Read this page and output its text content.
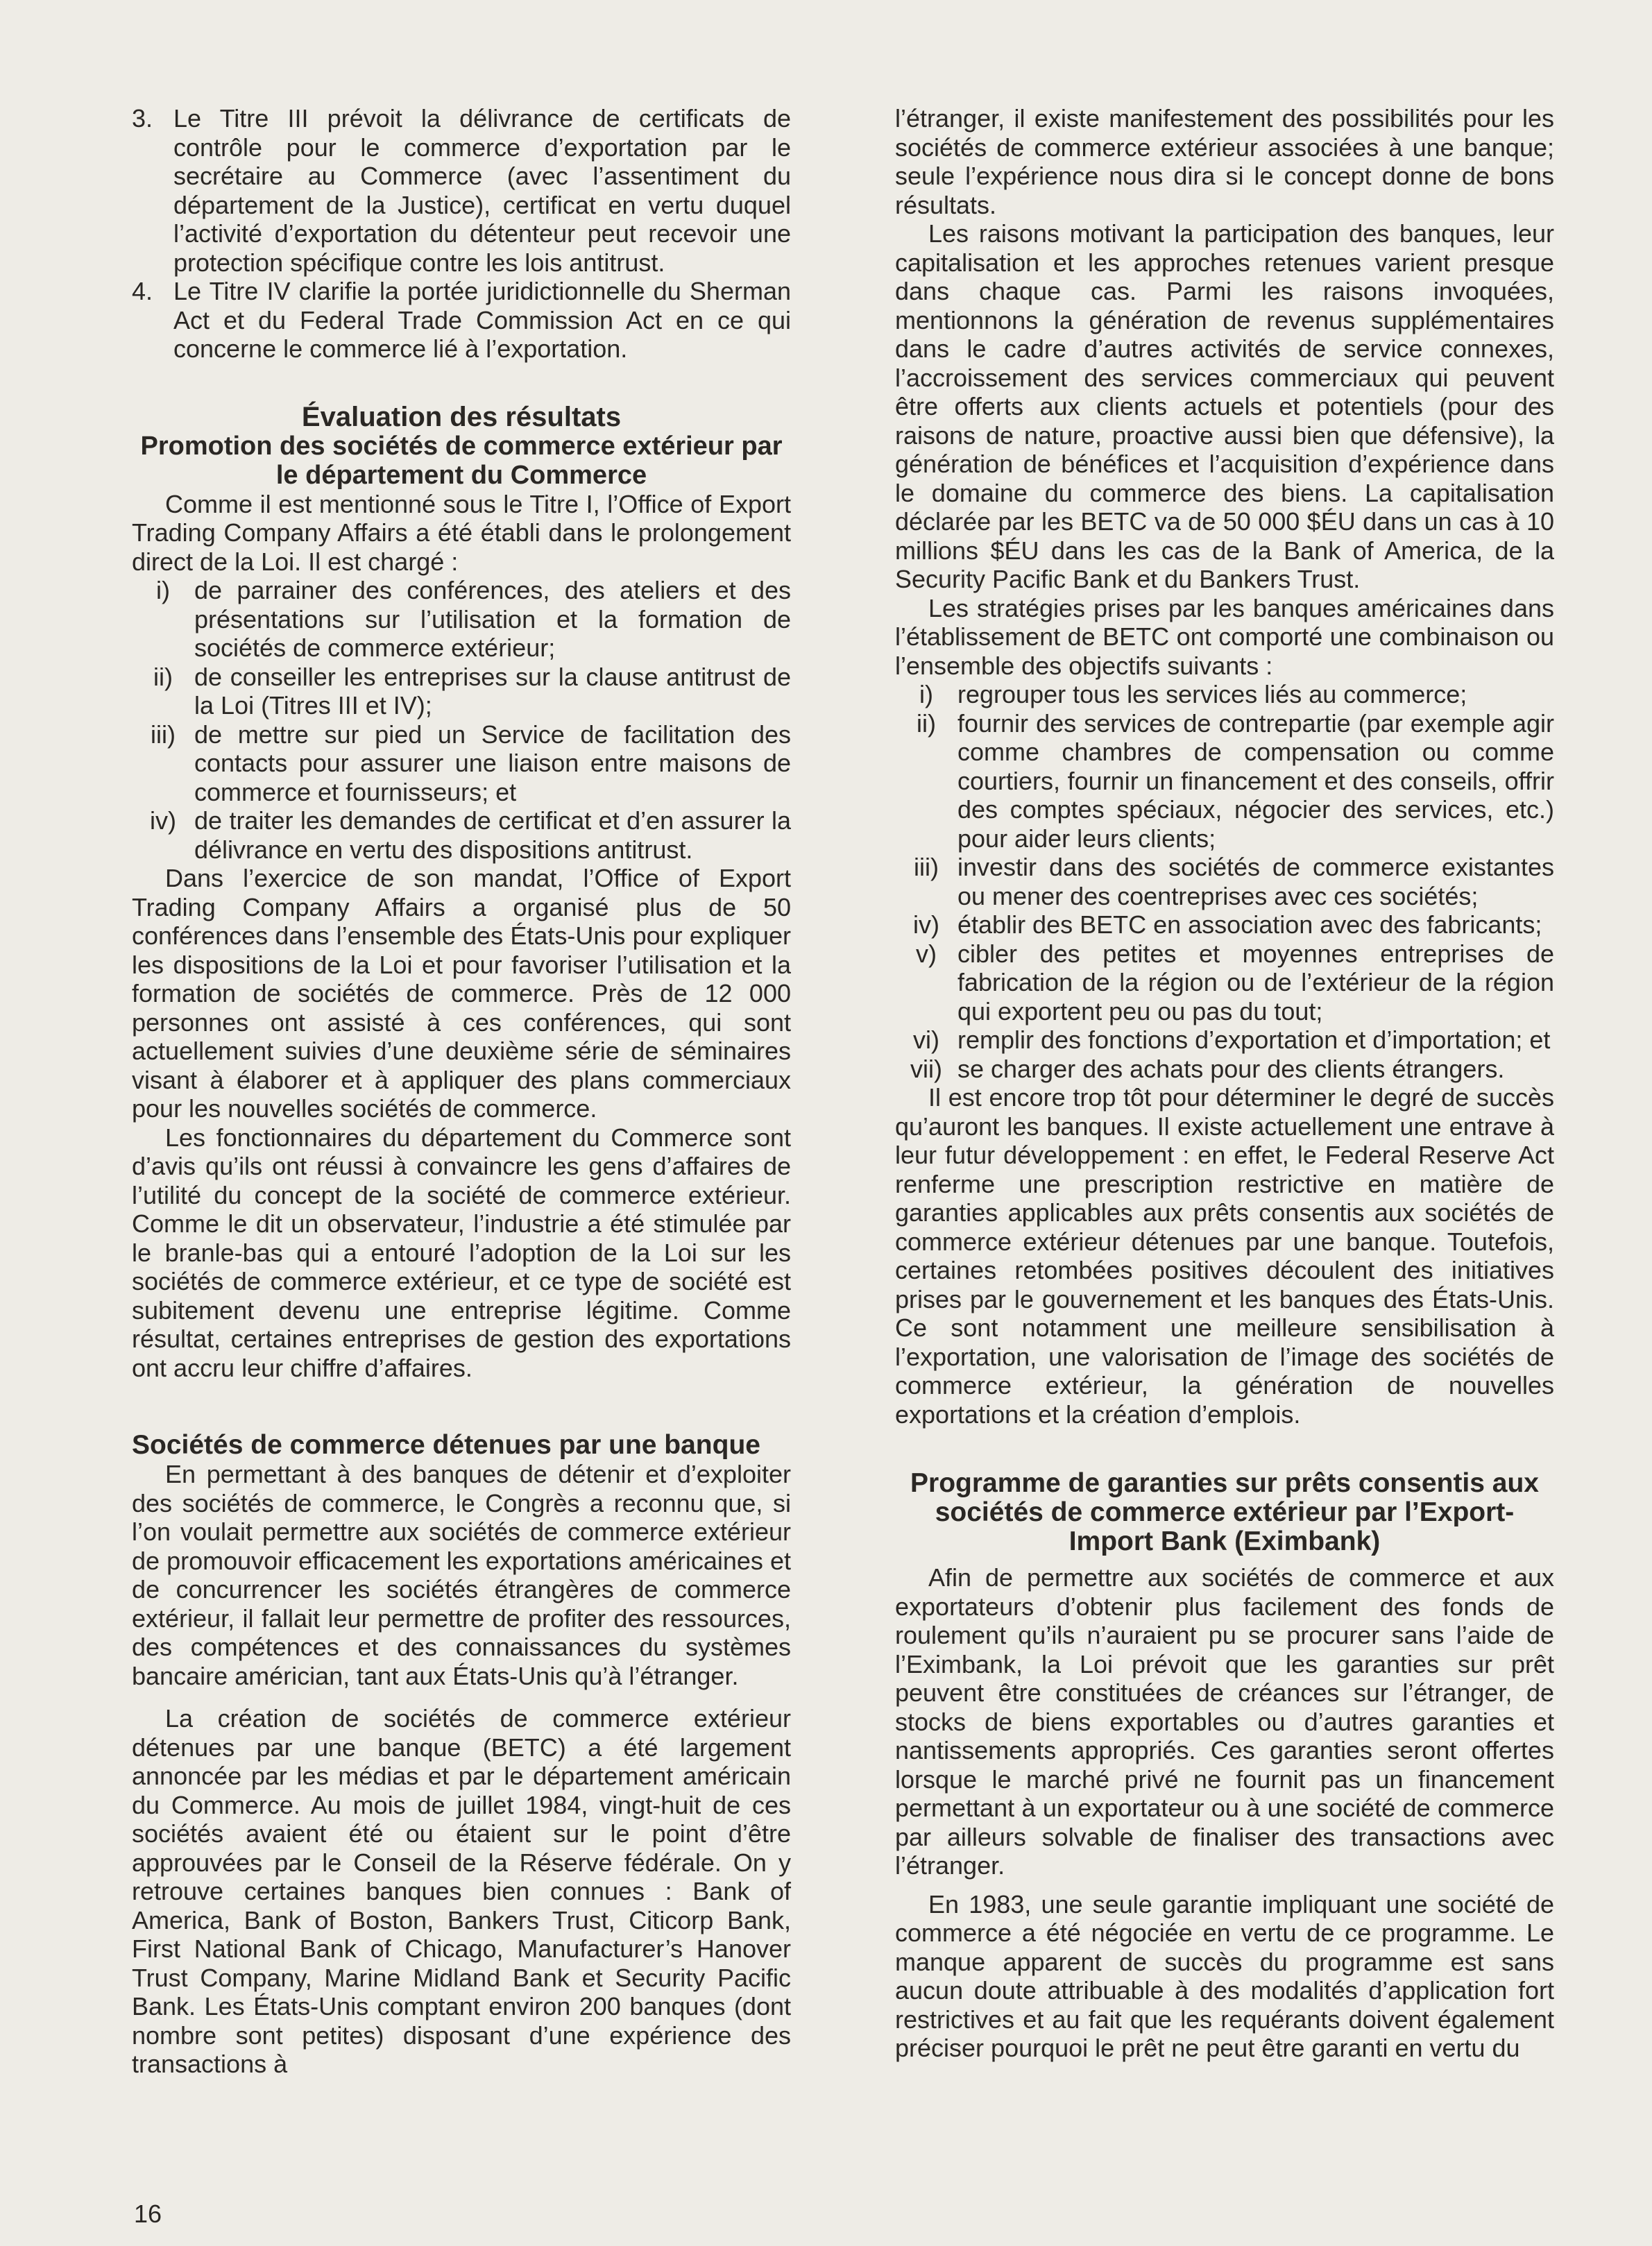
3. Le Titre III prévoit la délivrance de certificats de contrôle pour le commerce d’exportation par le secrétaire au Commerce (avec l’assentiment du département de la Justice), certificat en vertu duquel l’activité d’exportation du détenteur peut recevoir une protection spécifique contre les lois antitrust.
4. Le Titre IV clarifie la portée juridictionnelle du Sherman Act et du Federal Trade Commission Act en ce qui concerne le commerce lié à l’exportation.
Évaluation des résultats
Promotion des sociétés de commerce extérieur par le département du Commerce

Comme il est mentionné sous le Titre I, l’Office of Export Trading Company Affairs a été établi dans le prolongement direct de la Loi. Il est chargé :

i) de parrainer des conférences, des ateliers et des présentations sur l’utilisation et la formation de sociétés de commerce extérieur;
ii) de conseiller les entreprises sur la clause antitrust de la Loi (Titres III et IV);
iii) de mettre sur pied un Service de facilitation des contacts pour assurer une liaison entre maisons de commerce et fournisseurs; et
iv) de traiter les demandes de certificat et d’en assurer la délivrance en vertu des dispositions antitrust.

Dans l’exercice de son mandat, l’Office of Export Trading Company Affairs a organisé plus de 50 conférences dans l’ensemble des États-Unis pour expliquer les dispositions de la Loi et pour favoriser l’utilisation et la formation de sociétés de commerce. Près de 12 000 personnes ont assisté à ces conférences, qui sont actuellement suivies d’une deuxième série de séminaires visant à élaborer et à appliquer des plans commerciaux pour les nouvelles sociétés de commerce.

Les fonctionnaires du département du Commerce sont d’avis qu’ils ont réussi à convaincre les gens d’affaires de l’utilité du concept de la société de commerce extérieur. Comme le dit un observateur, l’industrie a été stimulée par le branle-bas qui a entouré l’adoption de la Loi sur les sociétés de commerce extérieur, et ce type de société est subitement devenu une entreprise légitime. Comme résultat, certaines entreprises de gestion des exportations ont accru leur chiffre d’affaires.

Sociétés de commerce détenues par une banque

En permettant à des banques de détenir et d’exploiter des sociétés de commerce, le Congrès a reconnu que, si l’on voulait permettre aux sociétés de commerce extérieur de promouvoir efficacement les exportations américaines et de concurrencer les sociétés étrangères de commerce extérieur, il fallait leur permettre de profiter des ressources, des compétences et des connaissances du systèmes bancaire américian, tant aux États-Unis qu’à l’étranger.

La création de sociétés de commerce extérieur détenues par une banque (BETC) a été largement annoncée par les médias et par le département américain du Commerce. Au mois de juillet 1984, vingt-huit de ces sociétés avaient été ou étaient sur le point d’être approuvées par le Conseil de la Réserve fédérale. On y retrouve certaines banques bien connues : Bank of America, Bank of Boston, Bankers Trust, Citicorp Bank, First National Bank of Chicago, Manufacturer’s Hanover Trust Company, Marine Midland Bank et Security Pacific Bank. Les États-Unis comptant environ 200 banques (dont nombre sont petites) disposant d’une expérience des transactions à

l’étranger, il existe manifestement des possibilités pour les sociétés de commerce extérieur associées à une banque; seule l’expérience nous dira si le concept donne de bons résultats.

Les raisons motivant la participation des banques, leur capitalisation et les approches retenues varient presque dans chaque cas. Parmi les raisons invoquées, mentionnons la génération de revenus supplémentaires dans le cadre d’autres activités de service connexes, l’accroissement des services commerciaux qui peuvent être offerts aux clients actuels et potentiels (pour des raisons de nature, proactive aussi bien que défensive), la génération de bénéfices et l’acquisition d’expérience dans le domaine du commerce des biens. La capitalisation déclarée par les BETC va de 50 000 $ÉU dans un cas à 10 millions $ÉU dans les cas de la Bank of America, de la Security Pacific Bank et du Bankers Trust.

Les stratégies prises par les banques américaines dans l’établissement de BETC ont comporté une combinaison ou l’ensemble des objectifs suivants :

i) regrouper tous les services liés au commerce;
ii) fournir des services de contrepartie (par exemple agir comme chambres de compensation ou comme courtiers, fournir un financement et des conseils, offrir des comptes spéciaux, négocier des services, etc.) pour aider leurs clients;
iii) investir dans des sociétés de commerce existantes ou mener des coentreprises avec ces sociétés;
iv) établir des BETC en association avec des fabricants;
v) cibler des petites et moyennes entreprises de fabrication de la région ou de l’extérieur de la région qui exportent peu ou pas du tout;
vi) remplir des fonctions d’exportation et d’importation; et
vii) se charger des achats pour des clients étrangers.

Il est encore trop tôt pour déterminer le degré de succès qu’auront les banques. Il existe actuellement une entrave à leur futur développement : en effet, le Federal Reserve Act renferme une prescription restrictive en matière de garanties applicables aux prêts consentis aux sociétés de commerce extérieur détenues par une banque. Toutefois, certaines retombées positives découlent des initiatives prises par le gouvernement et les banques des États-Unis. Ce sont notamment une meilleure sensibilisation à l’exportation, une valorisation de l’image des sociétés de commerce extérieur, la génération de nouvelles exportations et la création d’emplois.

Programme de garanties sur prêts consentis aux sociétés de commerce extérieur par l’Export-Import Bank (Eximbank)

Afin de permettre aux sociétés de commerce et aux exportateurs d’obtenir plus facilement des fonds de roulement qu’ils n’auraient pu se procurer sans l’aide de l’Eximbank, la Loi prévoit que les garanties sur prêt peuvent être constituées de créances sur l’étranger, de stocks de biens exportables ou d’autres garanties et nantissements appropriés. Ces garanties seront offertes lorsque le marché privé ne fournit pas un financement permettant à un exportateur ou à une société de commerce par ailleurs solvable de finaliser des transactions avec l’étranger.

En 1983, une seule garantie impliquant une société de commerce a été négociée en vertu de ce programme. Le manque apparent de succès du programme est sans aucun doute attribuable à des modalités d’application fort restrictives et au fait que les requérants doivent également préciser pourquoi le prêt ne peut être garanti en vertu du

16
